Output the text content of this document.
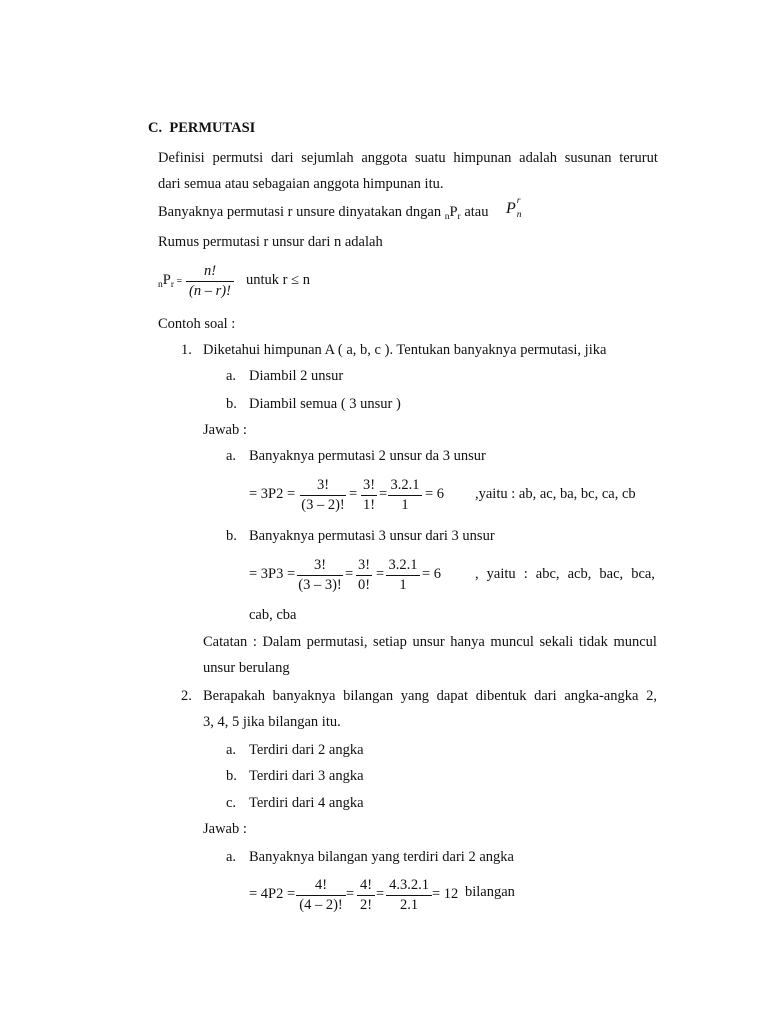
C. PERMUTASI
Definisi permutsi dari sejumlah anggota suatu himpunan adalah susunan terurut
dari semua atau sebagaian anggota himpunan itu.
Banyaknya permutasi r unsure dinyatakan dngan $_nP_r$ atau P r
n
Rumus permutasi r unsur dari n adalah
$_nP_r$ =
n!
(n – r)!
untuk r ≤ n
Contoh soal :
1. Diketahui himpunan A ( a, b, c ). Tentukan banyaknya permutasi, jika
a. Diambil 2 unsur
b. Diambil semua ( 3 unsur )
Jawab :
a. Banyaknya permutasi 2 unsur da 3 unsur
= 3P2 =
3!
(3 – 2)!
=
3!
1!
=
3.2.1
1
= 6 ,yaitu : ab, ac, ba, bc, ca, cb
b. Banyaknya permutasi 3 unsur dari 3 unsur
= 3P3 =
3!
(3 – 3)!
=
3!
0!
=
3.2.1
1
= 6 , yaitu : abc, acb, bac, bca,
cab, cba
Catatan : Dalam permutasi, setiap unsur hanya muncul sekali tidak muncul
unsur berulang
2. Berapakah banyaknya bilangan yang dapat dibentuk dari angka-angka 2,
3, 4, 5 jika bilangan itu.
a. Terdiri dari 2 angka
b. Terdiri dari 3 angka
c. Terdiri dari 4 angka
Jawab :
a. Banyaknya bilangan yang terdiri dari 2 angka
= 4P2 =
4!
(4 – 2)!
=
4!
2!
=
4.3.2.1
2.1
= 12 bilangan
